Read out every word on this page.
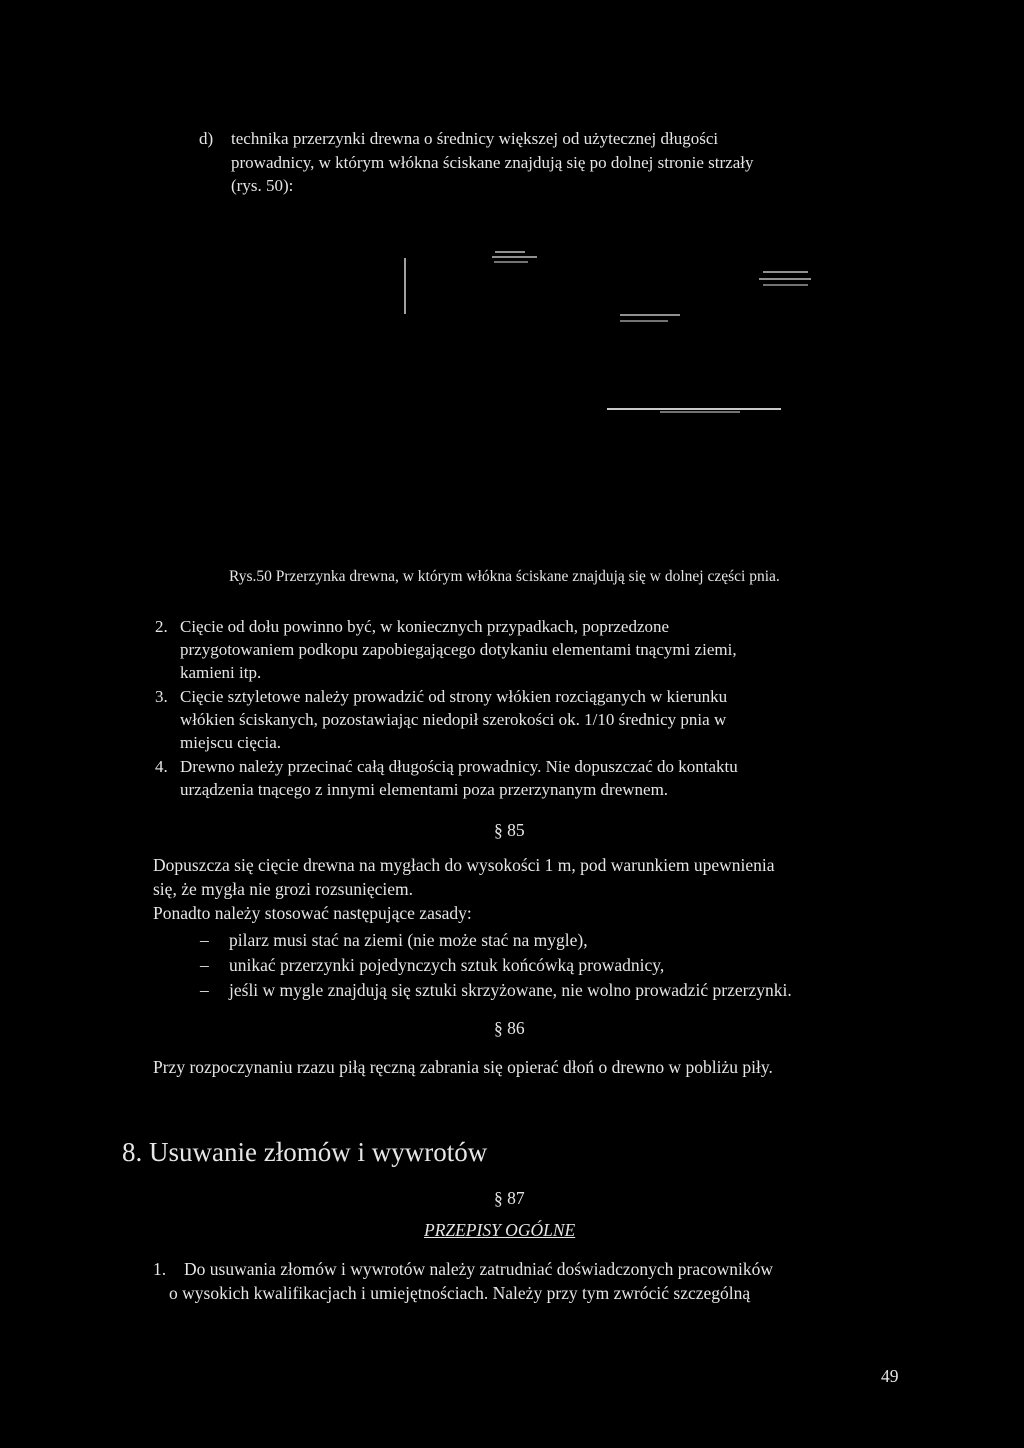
d) technika przerzynki drewna o średnicy większej od użytecznej długości
prowadnicy, w którym włókna ściskane znajdują się po dolnej stronie strzały
(rys. 50):
Rys.50 Przerzynka drewna, w którym włókna ściskane znajdują się w dolnej części pnia.
2. Cięcie od dołu powinno być, w koniecznych przypadkach, poprzedzone
przygotowaniem podkopu zapobiegającego dotykaniu elementami tnącymi ziemi,
kamieni itp.
3. Cięcie sztyletowe należy prowadzić od strony włókien rozciąganych w kierunku
włókien ściskanych, pozostawiając niedopił szerokości ok. 1/10 średnicy pnia w
miejscu cięcia.
4. Drewno należy przecinać całą długością prowadnicy. Nie dopuszczać do kontaktu
urządzenia tnącego z innymi elementami poza przerzynanym drewnem.
§ 85
Dopuszcza się cięcie drewna na mygłach do wysokości 1 m, pod warunkiem upewnienia
się, że mygła nie grozi rozsunięciem.
Ponadto należy stosować następujące zasady:
– pilarz musi stać na ziemi (nie może stać na mygle),
– unikać przerzynki pojedynczych sztuk końcówką prowadnicy,
– jeśli w mygle znajdują się sztuki skrzyżowane, nie wolno prowadzić przerzynki.
§ 86
Przy rozpoczynaniu rzazu piłą ręczną zabrania się opierać dłoń o drewno w pobliżu piły.
8. Usuwanie złomów i wywrotów
§ 87
PRZEPISY OGÓLNE
1. Do usuwania złomów i wywrotów należy zatrudniać doświadczonych pracowników
o wysokich kwalifikacjach i umiejętnościach. Należy przy tym zwrócić szczególną
49
